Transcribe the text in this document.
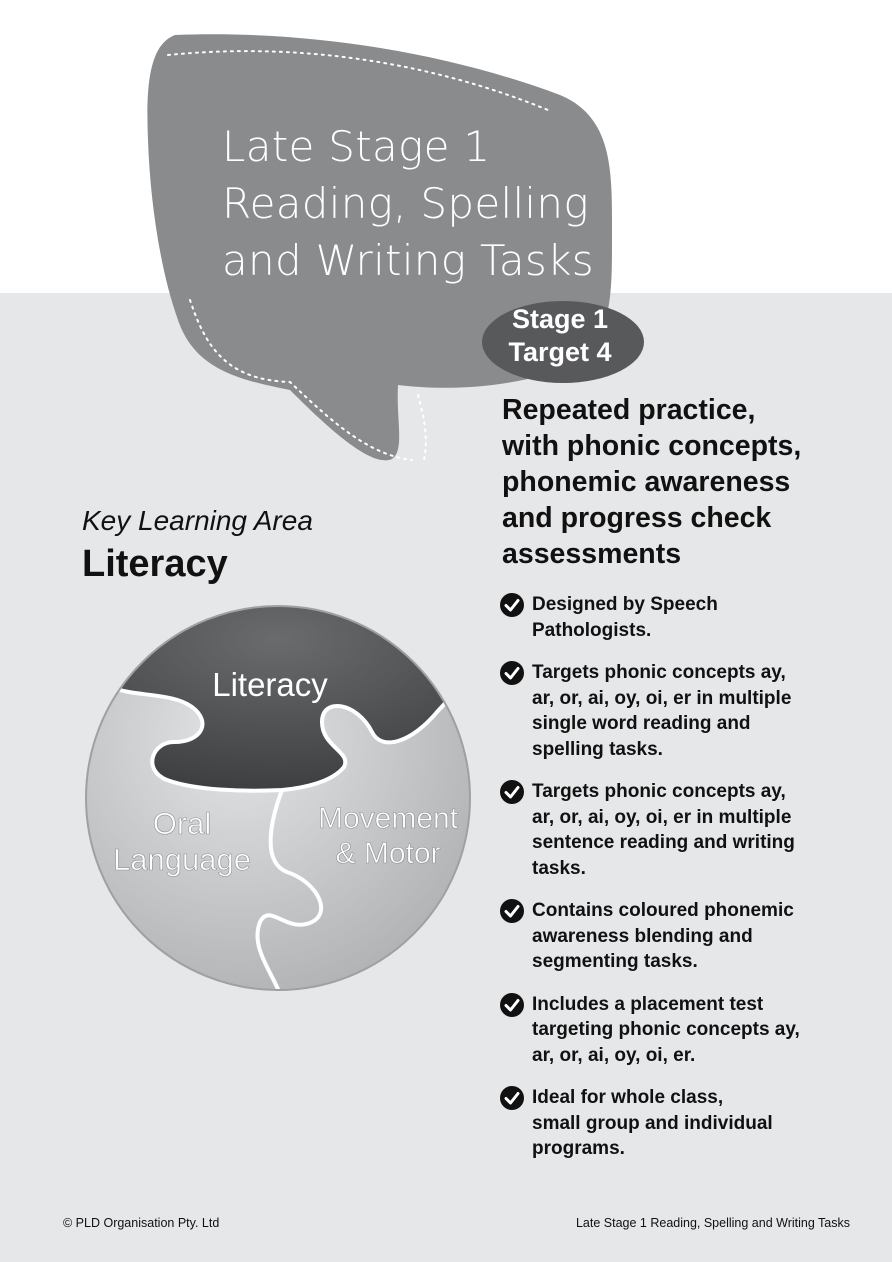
Late Stage 1
Reading, Spelling
and Writing Tasks
Stage 1
Target 4
Repeated practice,
with phonic concepts,
phonemic awareness
and progress check
assessments
Key Learning Area
Literacy
Literacy
Oral
Language
Movement
& Motor
Designed by Speech
Pathologists.
Targets phonic concepts ay,
ar, or, ai, oy, oi, er in multiple
single word reading and
spelling tasks.
Targets phonic concepts ay,
ar, or, ai, oy, oi, er in multiple
sentence reading and writing
tasks.
Contains coloured phonemic
awareness blending and
segmenting tasks.
Includes a placement test
targeting phonic concepts ay,
ar, or, ai, oy, oi, er.
Ideal for whole class,
small group and individual
programs.
© PLD Organisation Pty. Ltd	Late Stage 1 Reading, Spelling and Writing Tasks
